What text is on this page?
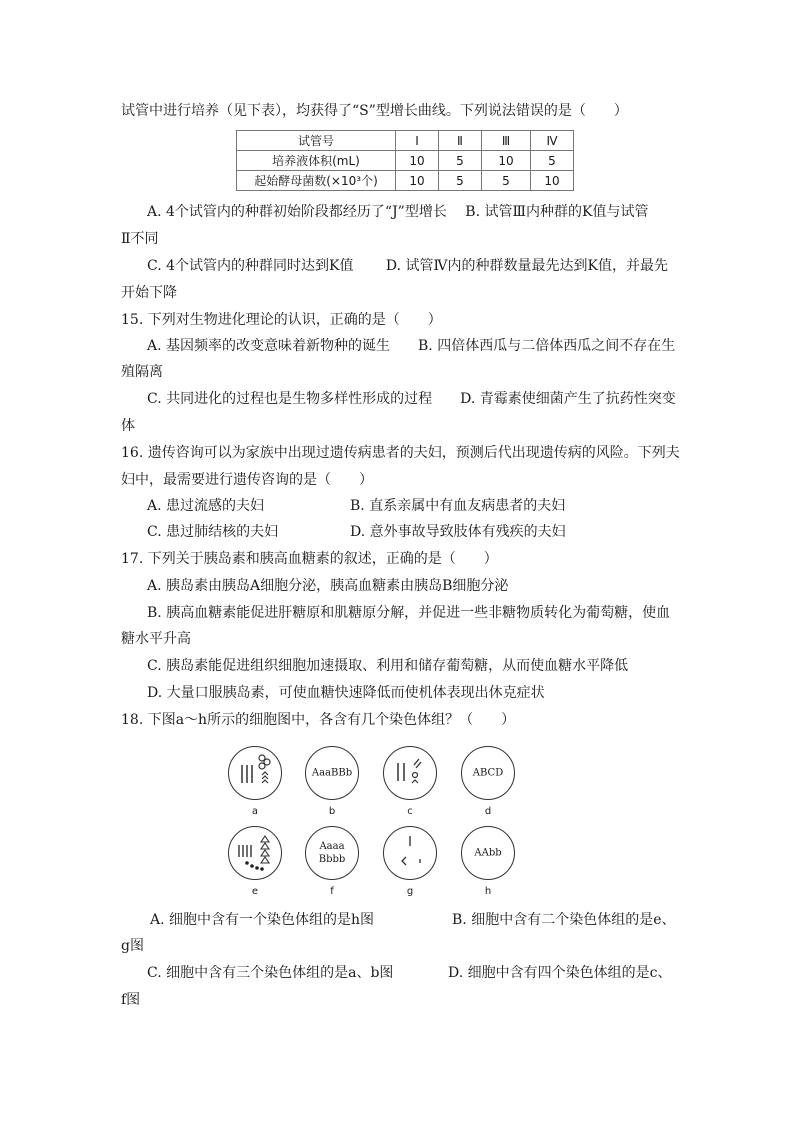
试管中进行培养（见下表），均获得了“S”型增长曲线。下列说法错误的是（　　）
试管号	Ⅰ	Ⅱ	Ⅲ	Ⅳ
培养液体积(mL)	10	5	10	5
起始酵母菌数(×10³个)	10	5	5	10
A. 4个试管内的种群初始阶段都经历了“J”型增长　 B. 试管Ⅲ内种群的K值与试管
Ⅱ不同
C. 4个试管内的种群同时达到K值　　 D. 试管Ⅳ内的种群数量最先达到K值，并最先
开始下降
15. 下列对生物进化理论的认识，正确的是（　　）
A. 基因频率的改变意味着新物种的诞生　　B. 四倍体西瓜与二倍体西瓜之间不存在生
殖隔离
C. 共同进化的过程也是生物多样性形成的过程　　D. 青霉素使细菌产生了抗药性突变
体
16. 遗传咨询可以为家族中出现过遗传病患者的夫妇，预测后代出现遗传病的风险。下列夫
妇中，最需要进行遗传咨询的是（　　）
A. 患过流感的夫妇	B. 直系亲属中有血友病患者的夫妇
C. 患过肺结核的夫妇	D. 意外事故导致肢体有残疾的夫妇
17. 下列关于胰岛素和胰高血糖素的叙述，正确的是（　　）
A. 胰岛素由胰岛A细胞分泌，胰高血糖素由胰岛B细胞分泌
B. 胰高血糖素能促进肝糖原和肌糖原分解，并促进一些非糖物质转化为葡萄糖，使血
糖水平升高
C. 胰岛素能促进组织细胞加速摄取、利用和储存葡萄糖，从而使血糖水平降低
D. 大量口服胰岛素，可使血糖快速降低而使机体表现出休克症状
18. 下图a～h所示的细胞图中，各含有几个染色体组？（　　）
AaaBBb	ABCD
a	b	c	d
Aaaa
Bbbb
AAbb
e	f	g	h
A. 细胞中含有一个染色体组的是h图	B. 细胞中含有二个染色体组的是e、
g图
C. 细胞中含有三个染色体组的是a、b图	D. 细胞中含有四个染色体组的是c、
f图
